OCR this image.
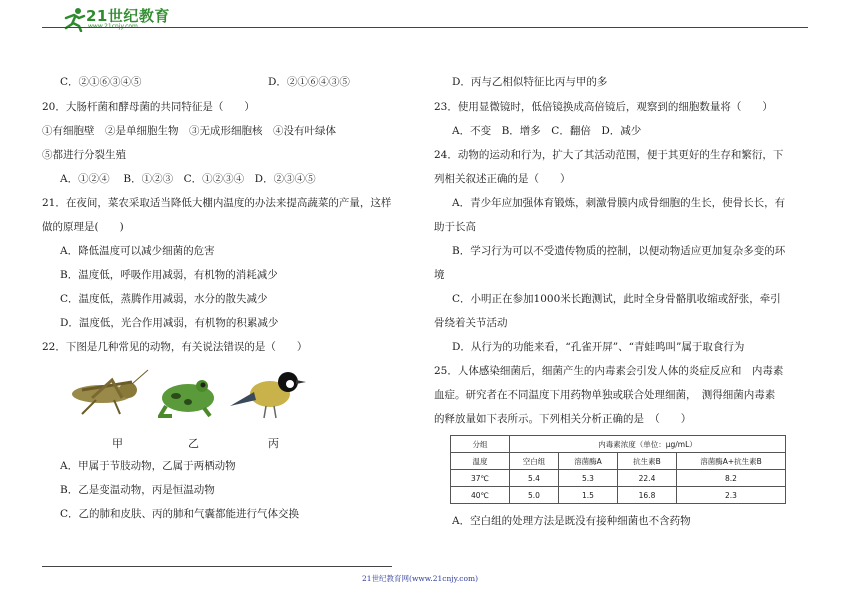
21世纪教育
C．②①⑥③④⑤	D．②①⑥④③⑤
20．大肠杆菌和酵母菌的共同特征是（　　）
①有细胞壁　②是单细胞生物　③无成形细胞核　④没有叶绿体
⑤都进行分裂生殖
A．①②④　 B．①②③　C．①②③④　D．②③④⑤
21．在夜间，菜农采取适当降低大棚内温度的办法来提高蔬菜的产量，这样
做的原理是(　　)
A．降低温度可以减少细菌的危害
B．温度低，呼吸作用减弱，有机物的消耗减少
C．温度低，蒸腾作用减弱，水分的散失减少
D．温度低，光合作用减弱，有机物的积累减少
22．下图是几种常见的动物，有关说法错误的是（　　）
甲	乙	丙
A．甲属于节肢动物，乙属于两栖动物
B．乙是变温动物，丙是恒温动物
C．乙的肺和皮肤、丙的肺和气囊都能进行气体交换
D．丙与乙相似特征比丙与甲的多
23．使用显微镜时，低倍镜换成高倍镜后，观察到的细胞数量将（　　）
A．不变　B．增多　C．翻倍　D．减少
24．动物的运动和行为，扩大了其活动范围，便于其更好的生存和繁衍，下
列相关叙述正确的是（　　）
A．青少年应加强体育锻炼，刺激骨膜内成骨细胞的生长，使骨长长，有
助于长高
B．学习行为可以不受遗传物质的控制，以便动物适应更加复杂多变的环
境
C．小明正在参加1000米长跑测试，此时全身骨骼肌收缩或舒张，牵引
骨绕着关节活动
D．从行为的功能来看，“孔雀开屏”、“青蛙鸣叫”属于取食行为
25．人体感染细菌后，细菌产生的内毒素会引发人体的炎症反应和　内毒素
血症。研究者在不同温度下用药物单独或联合处理细菌，　测得细菌内毒素
的释放量如下表所示。下列相关分析正确的是　（　　）
分组	内毒素浓度（单位：μg/mL）			
温度	空白组	溶菌酶A	抗生素B	溶菌酶A+抗生素B
37℃	5.4	5.3	22.4	8.2
40℃	5.0	1.5	16.8	2.3
A．空白组的处理方法是既没有接种细菌也不含药物
21世纪教育网(www.21cnjy.com)
